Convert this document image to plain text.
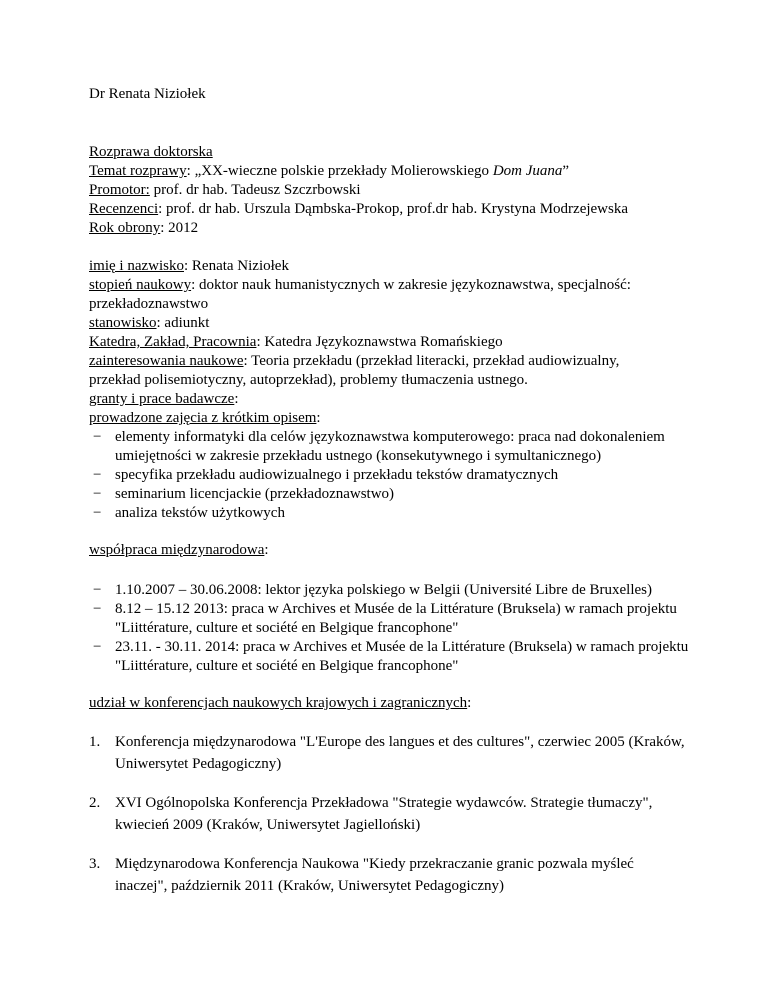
Dr Renata Niziołek

Rozprawa doktorska

Temat rozprawy: „XX-wieczne polskie przekłady Molierowskiego Dom Juana”

Promotor: prof. dr hab. Tadeusz Szczrbowski

Recenzenci: prof. dr hab. Urszula Dąmbska-Prokop, prof.dr hab. Krystyna Modrzejewska

Rok obrony: 2012

imię i nazwisko: Renata Niziołek

stopień naukowy: doktor nauk humanistycznych w zakresie językoznawstwa, specjalność:

przekładoznawstwo

stanowisko: adiunkt

Katedra, Zakład, Pracownia: Katedra Językoznawstwa Romańskiego

zainteresowania naukowe: Teoria przekładu (przekład literacki, przekład audiowizualny,

przekład polisemiotyczny, autoprzekład), problemy tłumaczenia ustnego.

granty i prace badawcze:

prowadzone zajęcia z krótkim opisem:

− elementy informatyki dla celów językoznawstwa komputerowego: praca nad dokonaleniem umiejętności w zakresie przekładu ustnego (konsekutywnego i symultanicznego)
− specyfika przekładu audiowizualnego i przekładu tekstów dramatycznych
− seminarium licencjackie (przekładoznawstwo)
− analiza tekstów użytkowych

współpraca międzynarodowa:

− 1.10.2007 – 30.06.2008: lektor języka polskiego w Belgii (Université Libre de Bruxelles)
− 8.12 – 15.12 2013: praca w Archives et Musée de la Littérature (Bruksela) w ramach projektu "Liittérature, culture et société en Belgique francophone"
− 23.11. - 30.11. 2014: praca w Archives et Musée de la Littérature (Bruksela) w ramach projektu "Liittérature, culture et société en Belgique francophone"

udział w konferencjach naukowych krajowych i zagranicznych:

1. Konferencja międzynarodowa "L'Europe des langues et des cultures", czerwiec 2005 (Kraków, Uniwersytet Pedagogiczny)
2. XVI Ogólnopolska Konferencja Przekładowa "Strategie wydawców. Strategie tłumaczy", kwiecień 2009 (Kraków, Uniwersytet Jagielloński)
3. Międzynarodowa Konferencja Naukowa "Kiedy przekraczanie granic pozwala myśleć inaczej", październik 2011 (Kraków, Uniwersytet Pedagogiczny)
